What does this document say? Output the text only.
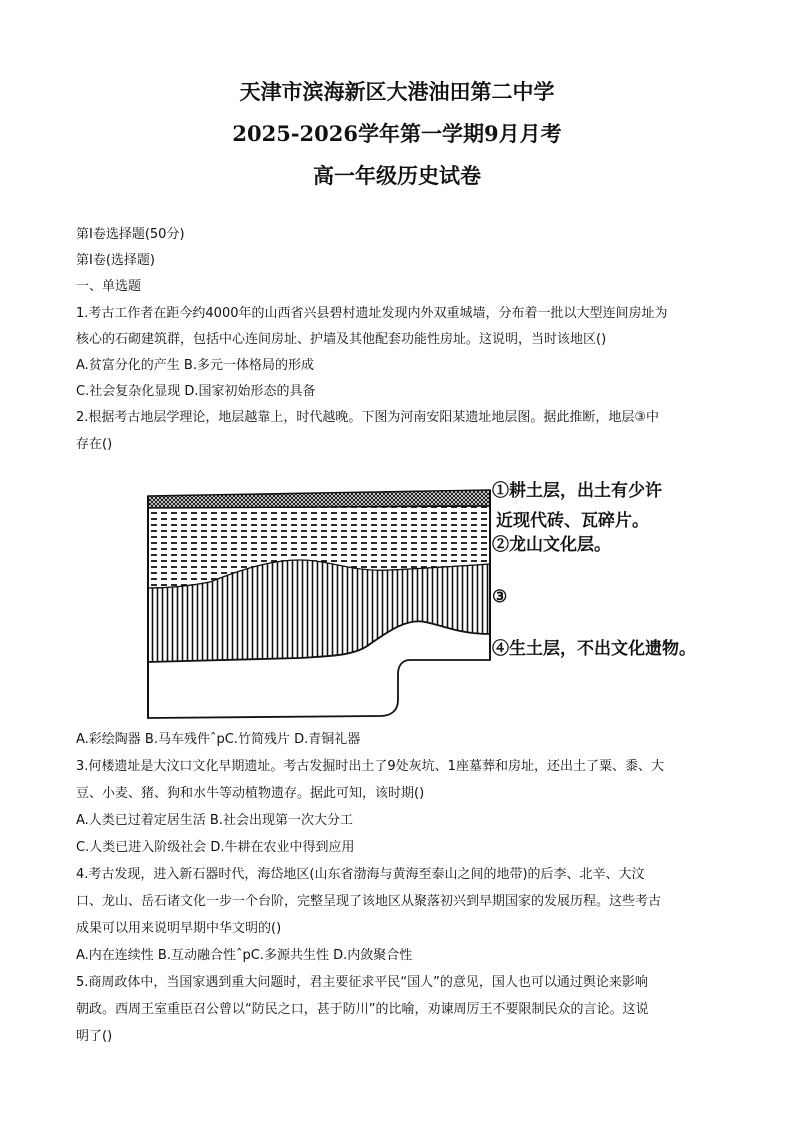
天津市滨海新区大港油田第二中学
2025-2026学年第一学期9月月考
高一年级历史试卷
第Ⅰ卷选择题(50分)
第Ⅰ卷(选择题)
一、单选题
1.考古工作者在距今约4000年的山西省兴县碧村遗址发现内外双重城墙，分布着一批以大型连间房址为
核心的石砌建筑群，包括中心连间房址、护墙及其他配套功能性房址。这说明，当时该地区()
A.贫富分化的产生 B.多元一体格局的形成
C.社会复杂化显现 D.国家初始形态的具备
2.根据考古地层学理论，地层越靠上，时代越晚。下图为河南安阳某遗址地层图。据此推断，地层③中
存在()
①耕土层，出土有少许
近现代砖、瓦碎片。
②龙山文化层。
③
④生土层，不出文化遗物。
A.彩绘陶器 B.马车残件ˆpC.竹简残片 D.青铜礼器
3.何楼遗址是大汶口文化早期遗址。考古发掘时出土了9处灰坑、1座墓葬和房址，还出土了粟、黍、大
豆、小麦、猪、狗和水牛等动植物遗存。据此可知，该时期()
A.人类已过着定居生活 B.社会出现第一次大分工
C.人类已进入阶级社会 D.牛耕在农业中得到应用
4.考古发现，进入新石器时代，海岱地区(山东省渤海与黄海至泰山之间的地带)的后李、北辛、大汶
口、龙山、岳石诸文化一步一个台阶，完整呈现了该地区从聚落初兴到早期国家的发展历程。这些考古
成果可以用来说明早期中华文明的()
A.内在连续性 B.互动融合性ˆpC.多源共生性 D.内敛聚合性
5.商周政体中，当国家遇到重大问题时，君主要征求平民“国人”的意见，国人也可以通过舆论来影响
朝政。西周王室重臣召公曾以“防民之口，甚于防川”的比喻，劝谏周厉王不要限制民众的言论。这说
明了()
